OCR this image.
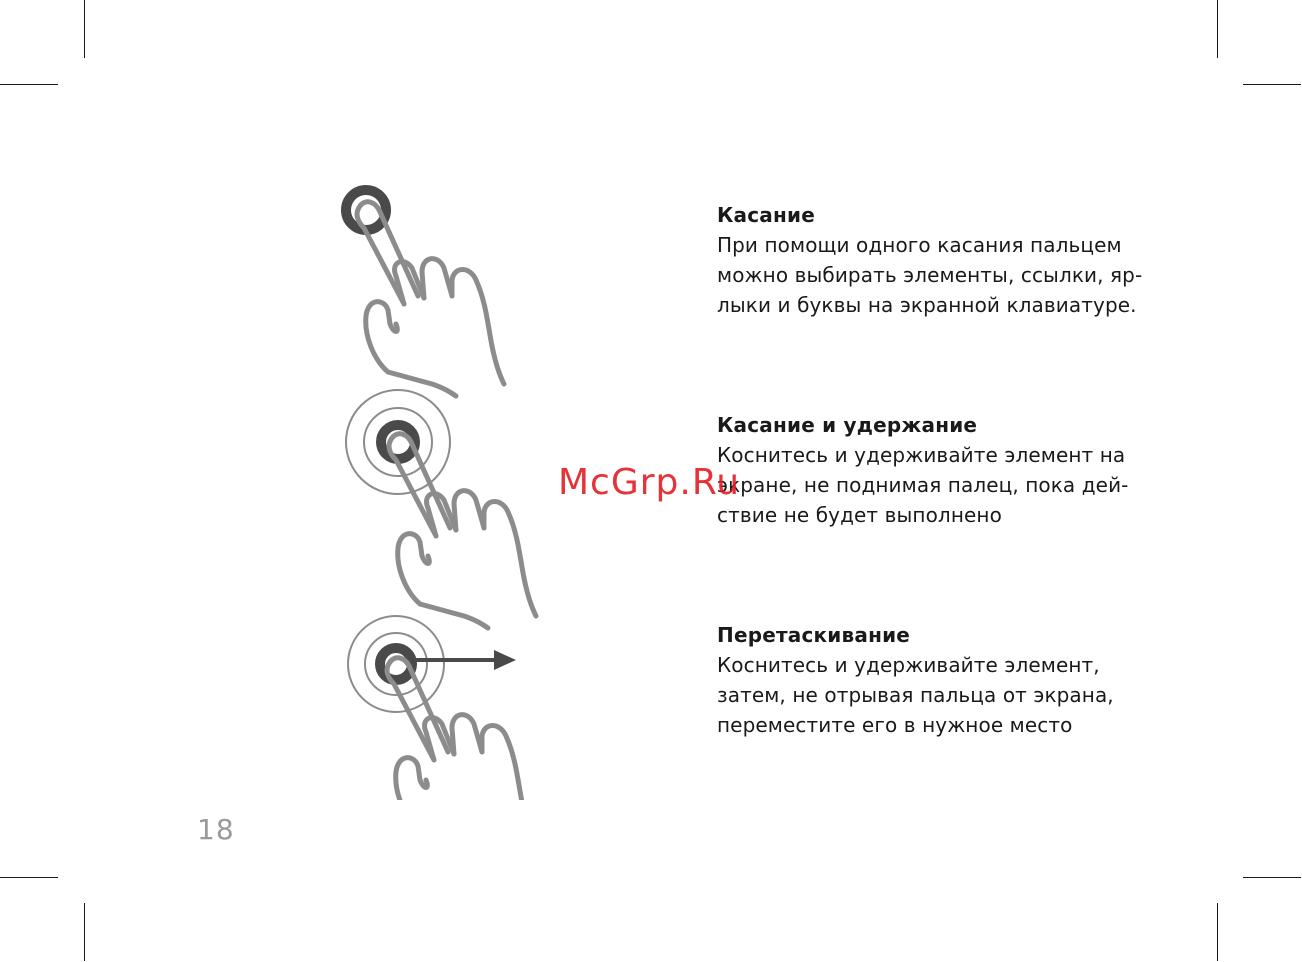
Касание

При помощи одного касания пальцем
можно выбирать элементы, ссылки, яр-
лыки и буквы на экранной клавиатуре.

Касание и удержание

Коснитесь и удерживайте элемент на
экране, не поднимая палец, пока дей-
ствие не будет выполнено

Перетаскивание

Коснитесь и удерживайте элемент,
затем, не отрывая пальца от экрана,
переместите его в нужное место

McGrp.Ru
18
